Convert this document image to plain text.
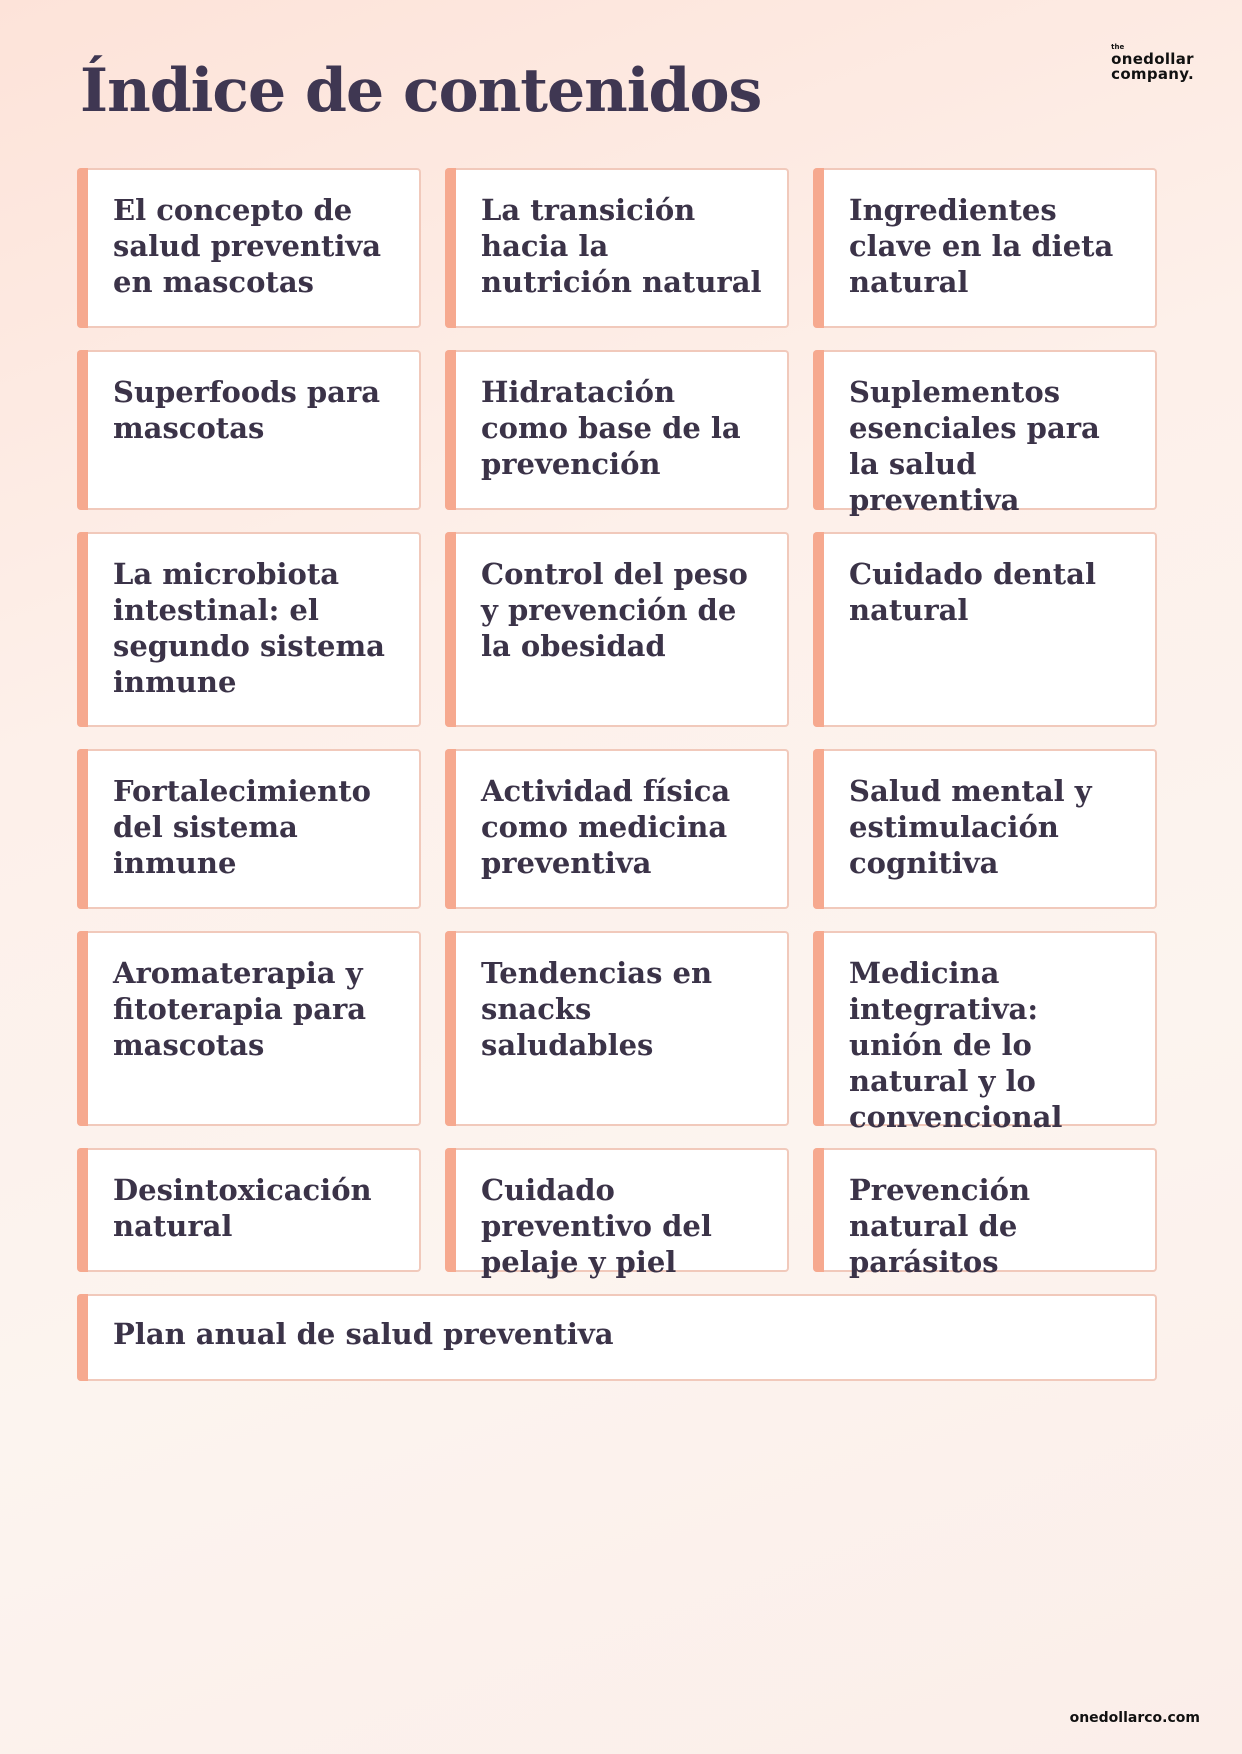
Índice de contenidos
the
onedollar
company.
El concepto de salud preventiva en mascotas
La transición hacia la nutrición natural
Ingredientes clave en la dieta natural
Superfoods para mascotas
Hidratación como base de la prevención
Suplementos esenciales para la salud preventiva
La microbiota intestinal: el segundo sistema inmune
Control del peso y prevención de la obesidad
Cuidado dental natural
Fortalecimiento del sistema inmune
Actividad física como medicina preventiva
Salud mental y estimulación cognitiva
Aromaterapia y fitoterapia para mascotas
Tendencias en snacks saludables
Medicina integrativa: unión de lo natural y lo convencional
Desintoxicación natural
Cuidado preventivo del pelaje y piel
Prevención natural de parásitos
Plan anual de salud preventiva
onedollarco.com
